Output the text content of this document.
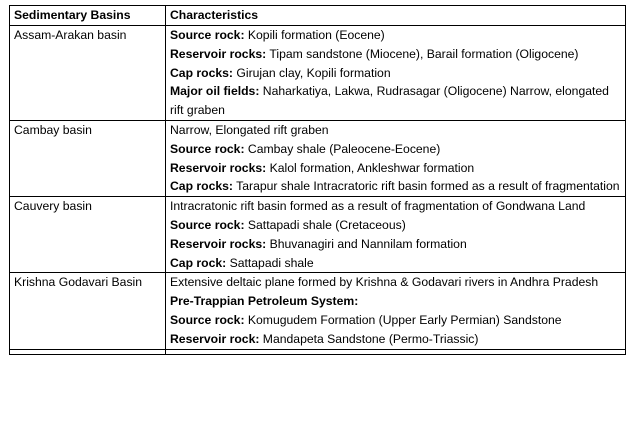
Sedimentary Basins	Characteristics
Assam-Arakan basin	Source rock: Kopili formation (Eocene)
Reservoir rocks: Tipam sandstone (Miocene), Barail formation (Oligocene)
Cap rocks: Girujan clay, Kopili formation
Major oil fields: Naharkatiya, Lakwa, Rudrasagar (Oligocene) Narrow, elongated rift graben

Cambay basin	Narrow, Elongated rift graben
Source rock: Cambay shale (Paleocene-Eocene)
Reservoir rocks: Kalol formation, Ankleshwar formation
Cap rocks: Tarapur shale Intracratoric rift basin formed as a result of fragmentation

Cauvery basin	Intracratonic rift basin formed as a result of fragmentation of Gondwana Land
Source rock: Sattapadi shale (Cretaceous)
Reservoir rocks: Bhuvanagiri and Nannilam formation
Cap rock: Sattapadi shale

Krishna Godavari Basin	Extensive deltaic plane formed by Krishna & Godavari rivers in Andhra Pradesh
Pre-Trappian Petroleum System:
Source rock: Komugudem Formation (Upper Early Permian) Sandstone
Reservoir rock: Mandapeta Sandstone (Permo-Triassic)
